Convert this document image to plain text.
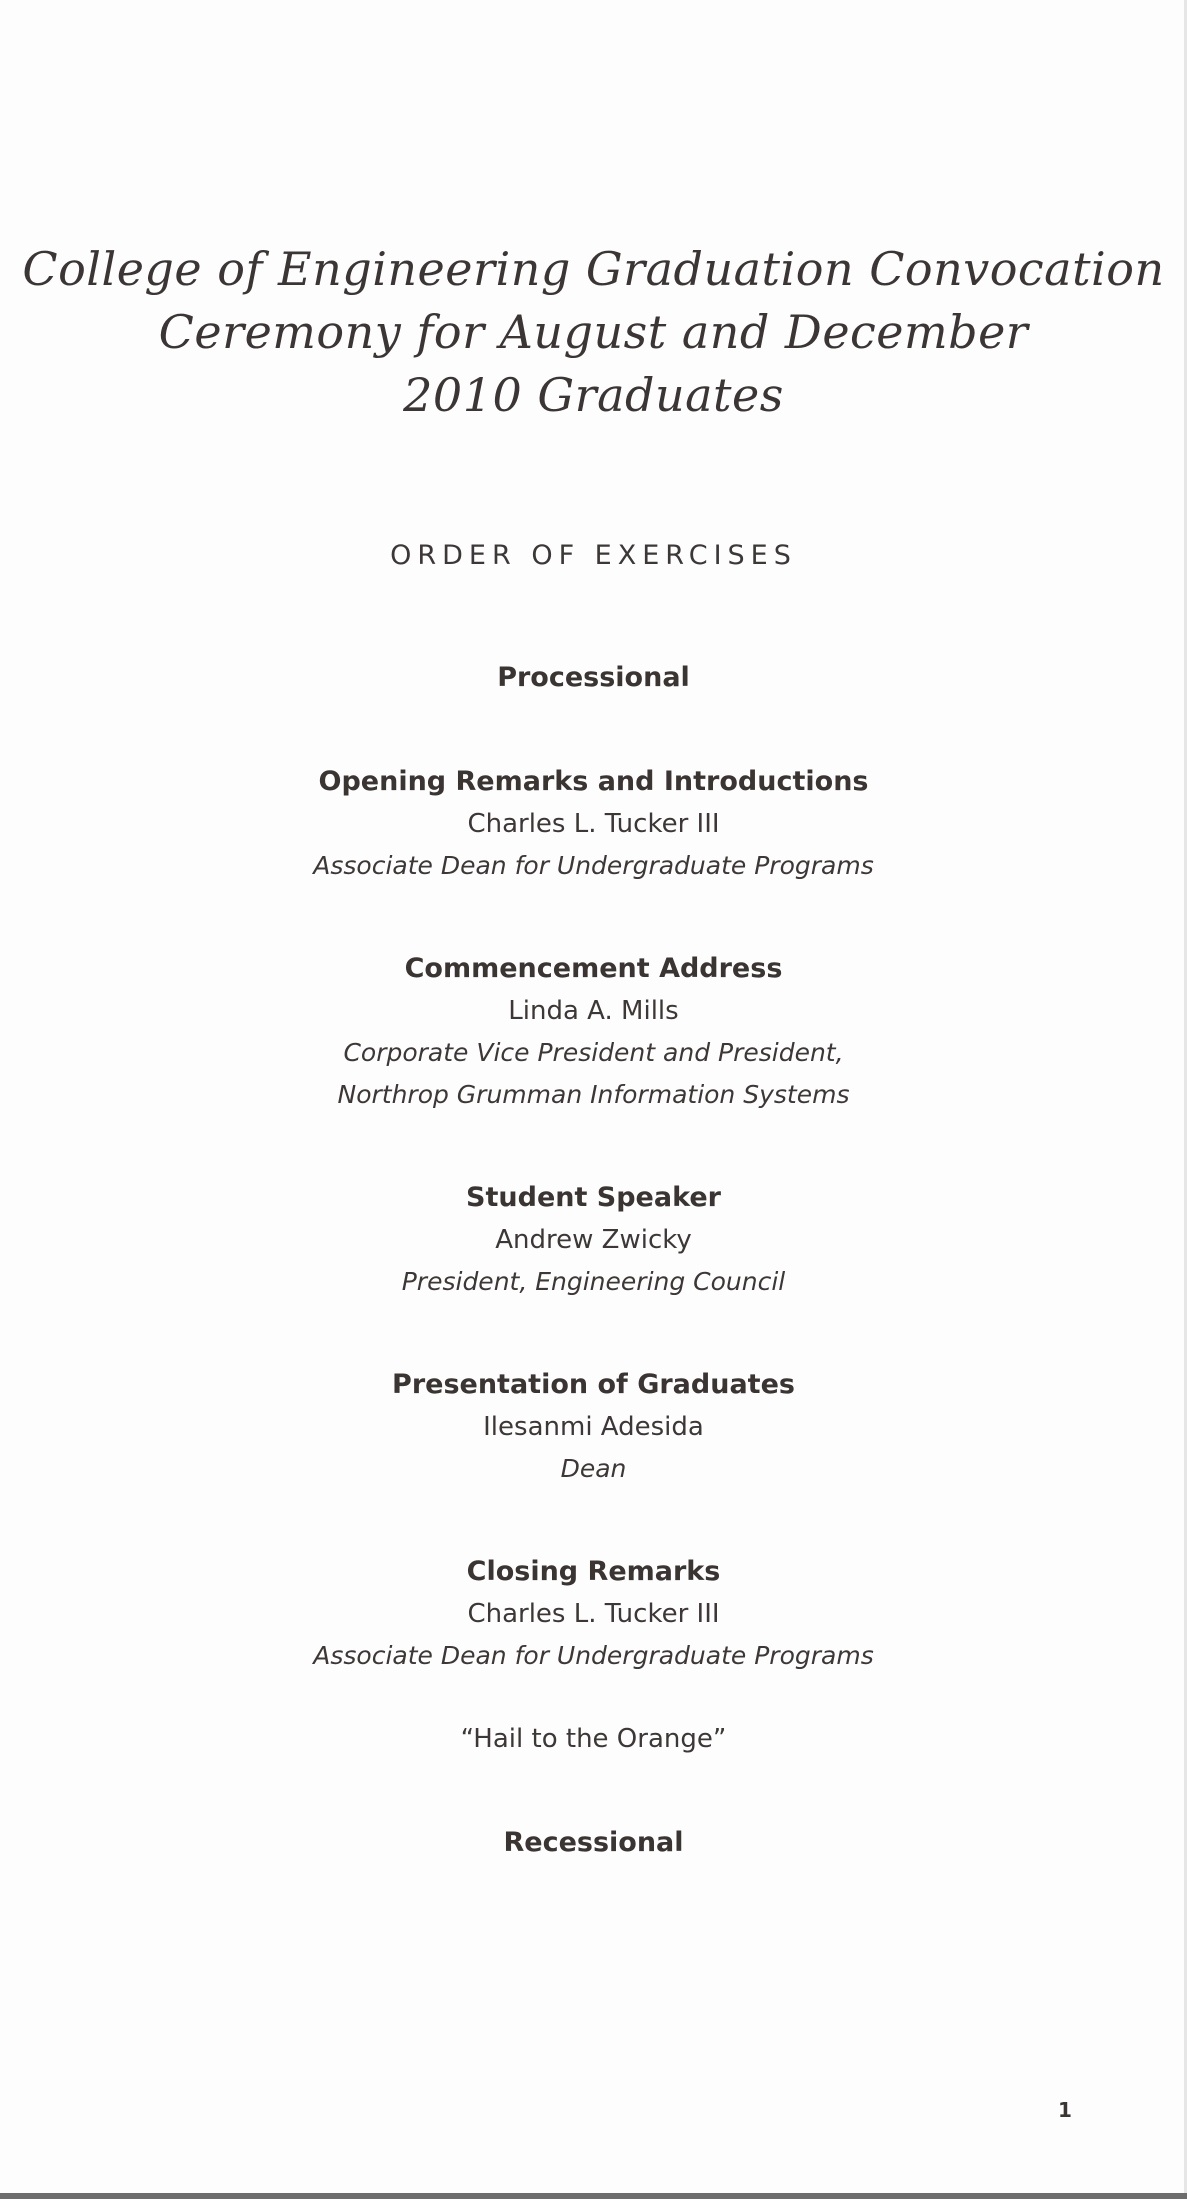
College of Engineering Graduation Convocation
Ceremony for August and December
2010 Graduates
ORDER OF EXERCISES
Processional
Opening Remarks and Introductions
Charles L. Tucker III
Associate Dean for Undergraduate Programs
Commencement Address
Linda A. Mills
Corporate Vice President and President,
Northrop Grumman Information Systems
Student Speaker
Andrew Zwicky
President, Engineering Council
Presentation of Graduates
Ilesanmi Adesida
Dean
Closing Remarks
Charles L. Tucker III
Associate Dean for Undergraduate Programs
“Hail to the Orange”
Recessional
1
